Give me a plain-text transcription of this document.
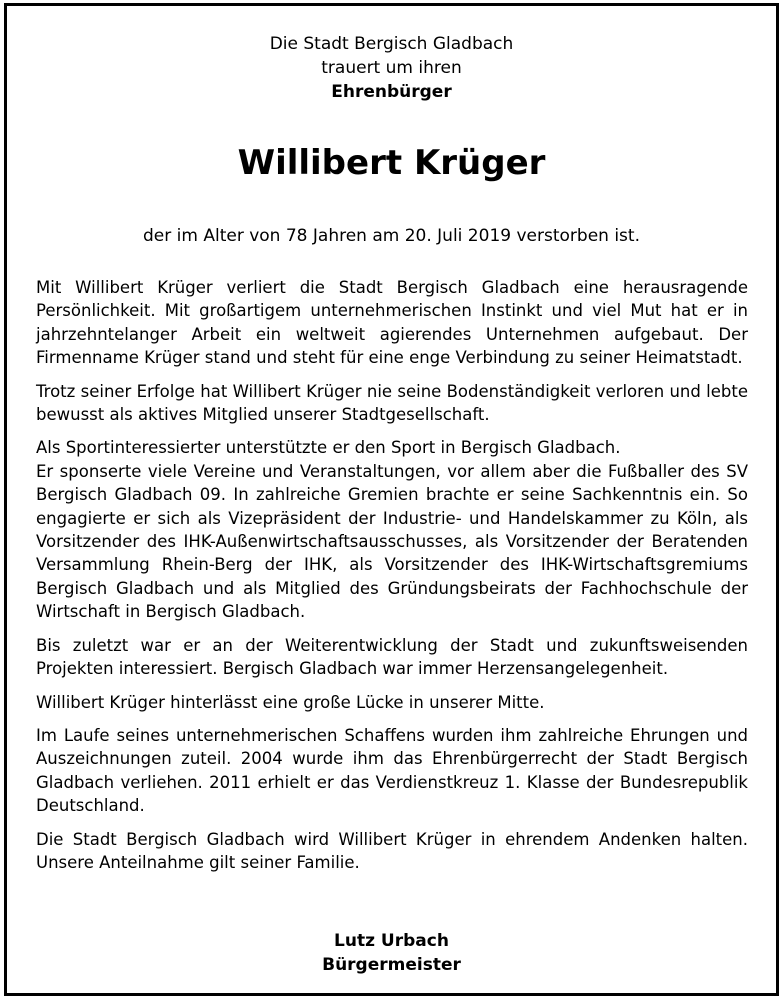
Die Stadt Bergisch Gladbach
trauert um ihren
Ehrenbürger
Willibert Krüger
der im Alter von 78 Jahren am 20. Juli 2019 verstorben ist.

Mit Willibert Krüger verliert die Stadt Bergisch Gladbach eine herausragende Persönlichkeit. Mit großartigem unternehmerischen Instinkt und viel Mut hat er in jahrzehntelanger Arbeit ein weltweit agierendes Unternehmen aufgebaut. Der Firmenname Krüger stand und steht für eine enge Verbindung zu seiner Heimatstadt.

Trotz seiner Erfolge hat Willibert Krüger nie seine Bodenständigkeit verloren und lebte bewusst als aktives Mitglied unserer Stadtgesellschaft.

Als Sportinteressierter unterstützte er den Sport in Bergisch Gladbach.

Er sponserte viele Vereine und Veranstaltungen, vor allem aber die Fußballer des SV Bergisch Gladbach 09. In zahlreiche Gremien brachte er seine Sachkenntnis ein. So engagierte er sich als Vizepräsident der Industrie- und Handelskammer zu Köln, als Vorsitzender des IHK-Außenwirtschaftsausschusses, als Vorsitzender der Beratenden Versammlung Rhein-Berg der IHK, als Vorsitzender des IHK-Wirtschaftsgremiums Bergisch Gladbach und als Mitglied des Gründungsbeirats der Fachhochschule der Wirtschaft in Bergisch Gladbach.

Bis zuletzt war er an der Weiterentwicklung der Stadt und zukunftsweisenden Projekten interessiert. Bergisch Gladbach war immer Herzensangelegenheit.

Willibert Krüger hinterlässt eine große Lücke in unserer Mitte.

Im Laufe seines unternehmerischen Schaffens wurden ihm zahlreiche Ehrungen und Auszeichnungen zuteil. 2004 wurde ihm das Ehrenbürgerrecht der Stadt Bergisch Gladbach verliehen. 2011 erhielt er das Verdienstkreuz 1. Klasse der Bundesrepublik Deutschland.

Die Stadt Bergisch Gladbach wird Willibert Krüger in ehrendem Andenken halten. Unsere Anteilnahme gilt seiner Familie.

Lutz Urbach
Bürgermeister
